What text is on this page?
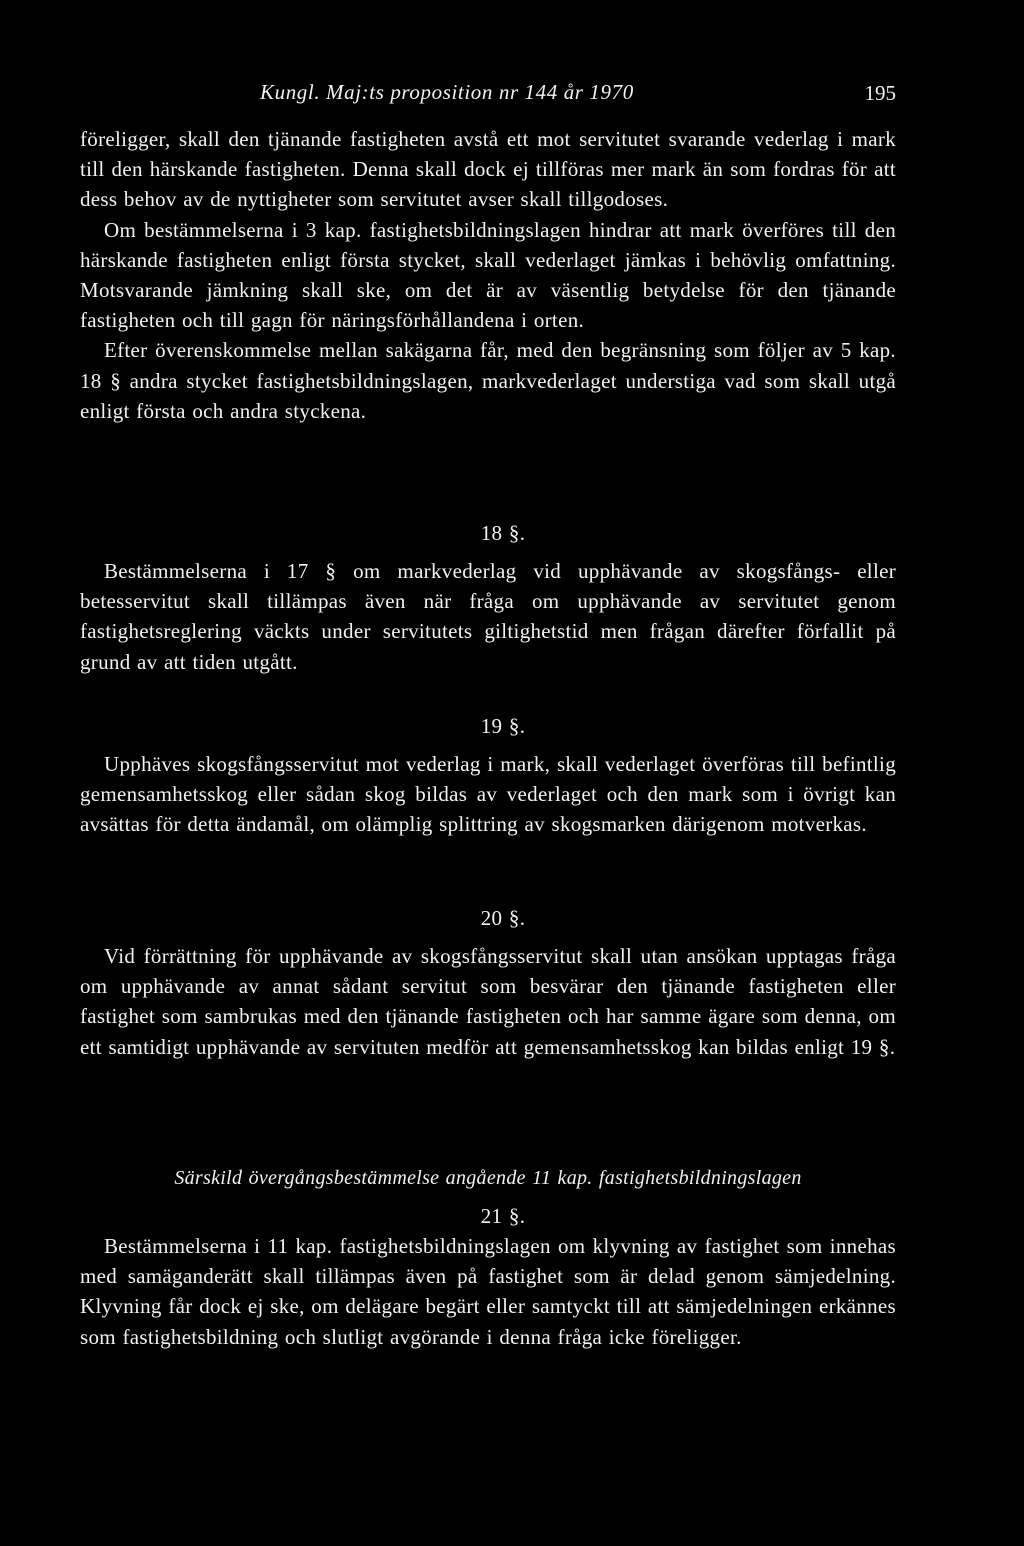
Kungl. Maj:ts proposition nr 144 år 1970	195

föreligger, skall den tjänande fastigheten avstå ett mot servitutet svarande vederlag i mark till den härskande fastigheten. Denna skall dock ej tillföras mer mark än som fordras för att dess behov av de nyttigheter som servitutet avser skall tillgodoses.

Om bestämmelserna i 3 kap. fastighetsbildningslagen hindrar att mark överföres till den härskande fastigheten enligt första stycket, skall vederlaget jämkas i behövlig omfattning. Motsvarande jämkning skall ske, om det är av väsentlig betydelse för den tjänande fastigheten och till gagn för näringsförhållandena i orten.

Efter överenskommelse mellan sakägarna får, med den begränsning som följer av 5 kap. 18 § andra stycket fastighetsbildningslagen, markvederlaget understiga vad som skall utgå enligt första och andra styckena.

18 §.

Bestämmelserna i 17 § om markvederlag vid upphävande av skogsfångs- eller betesservitut skall tillämpas även när fråga om upphävande av servitutet genom fastighetsreglering väckts under servitutets giltighetstid men frågan därefter förfallit på grund av att tiden utgått.

19 §.

Upphäves skogsfångsservitut mot vederlag i mark, skall vederlaget överföras till befintlig gemensamhetsskog eller sådan skog bildas av vederlaget och den mark som i övrigt kan avsättas för detta ändamål, om olämplig splittring av skogsmarken därigenom motverkas.

20 §.

Vid förrättning för upphävande av skogsfångsservitut skall utan ansökan upptagas fråga om upphävande av annat sådant servitut som besvärar den tjänande fastigheten eller fastighet som sambrukas med den tjänande fastigheten och har samme ägare som denna, om ett samtidigt upphävande av servituten medför att gemensamhetsskog kan bildas enligt 19 §.

Särskild övergångsbestämmelse angående 11 kap. fastighetsbildningslagen
21 §.

Bestämmelserna i 11 kap. fastighetsbildningslagen om klyvning av fastighet som innehas med samäganderätt skall tillämpas även på fastighet som är delad genom sämjedelning. Klyvning får dock ej ske, om delägare begärt eller samtyckt till att sämjedelningen erkännes som fastighetsbildning och slutligt avgörande i denna fråga icke föreligger.
